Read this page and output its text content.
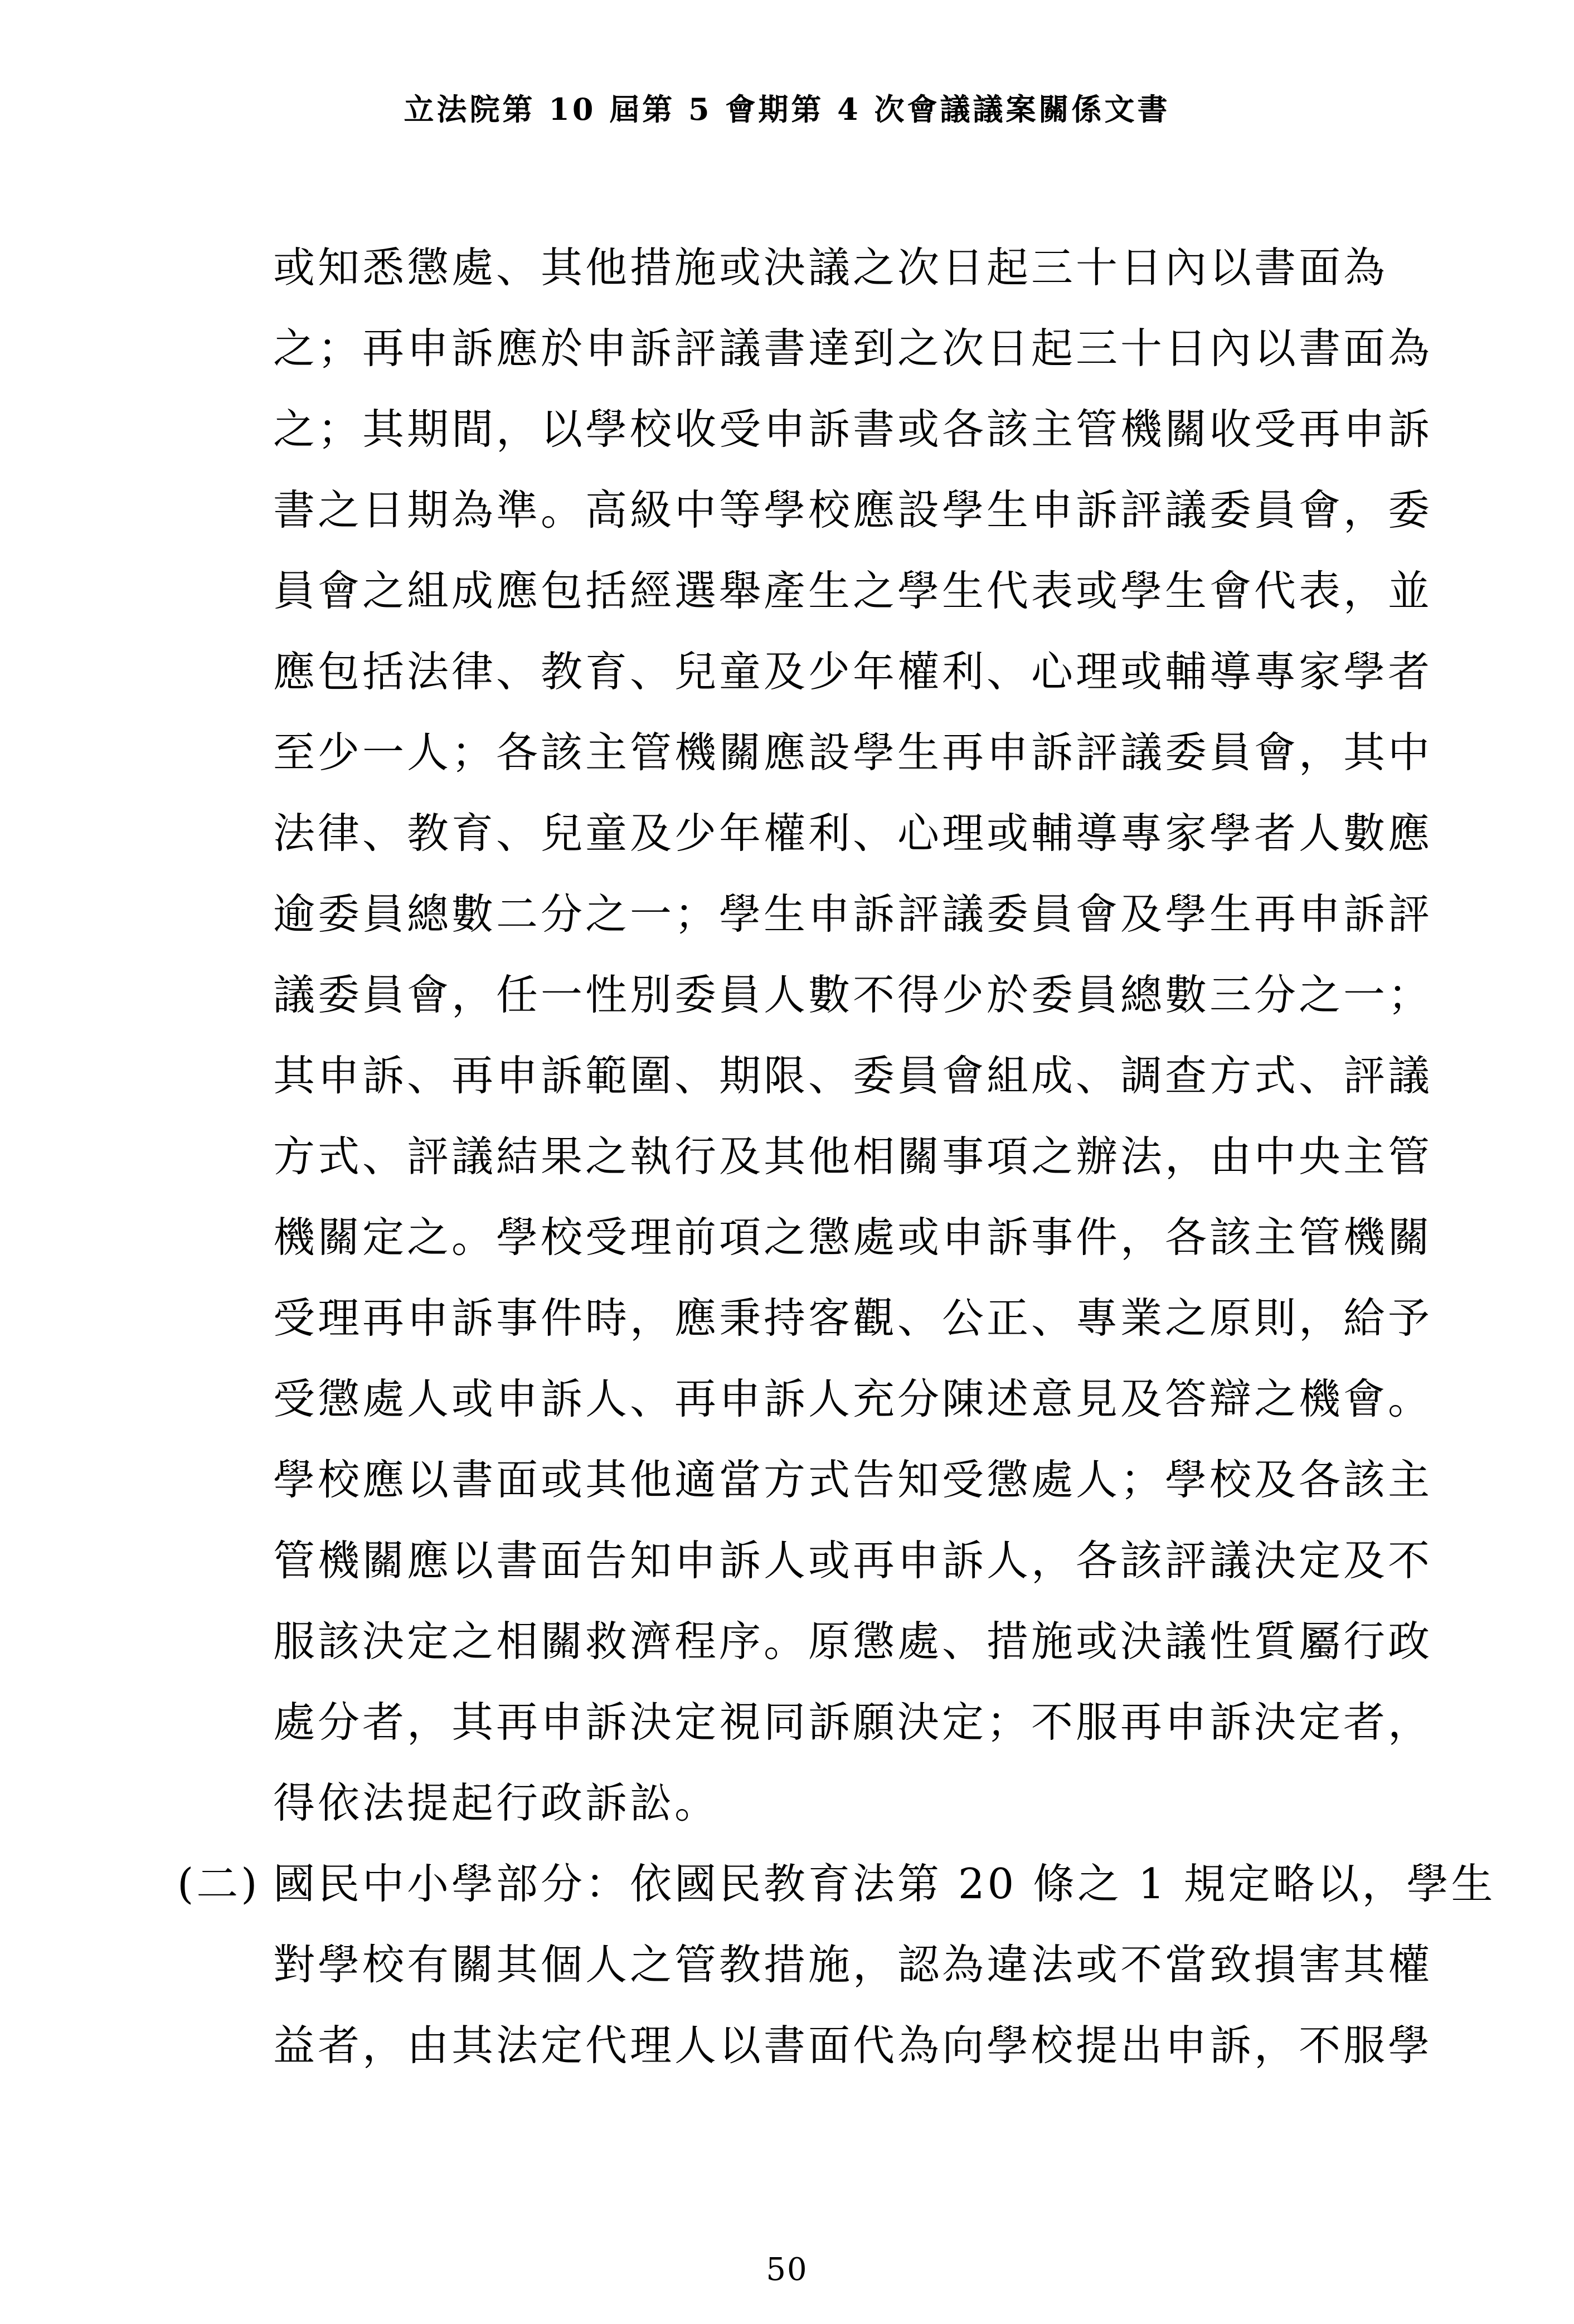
立法院第 10 屆第 5 會期第 4 次會議議案關係文書
或知悉懲處、其他措施或決議之次日起三十日內以書面為
之；再申訴應於申訴評議書達到之次日起三十日內以書面為
之；其期間，以學校收受申訴書或各該主管機關收受再申訴
書之日期為準。高級中等學校應設學生申訴評議委員會，委
員會之組成應包括經選舉產生之學生代表或學生會代表，並
應包括法律、教育、兒童及少年權利、心理或輔導專家學者
至少一人；各該主管機關應設學生再申訴評議委員會，其中
法律、教育、兒童及少年權利、心理或輔導專家學者人數應
逾委員總數二分之一；學生申訴評議委員會及學生再申訴評
議委員會，任一性別委員人數不得少於委員總數三分之一；
其申訴、再申訴範圍、期限、委員會組成、調查方式、評議
方式、評議結果之執行及其他相關事項之辦法，由中央主管
機關定之。學校受理前項之懲處或申訴事件，各該主管機關
受理再申訴事件時，應秉持客觀、公正、專業之原則，給予
受懲處人或申訴人、再申訴人充分陳述意見及答辯之機會。
學校應以書面或其他適當方式告知受懲處人；學校及各該主
管機關應以書面告知申訴人或再申訴人，各該評議決定及不
服該決定之相關救濟程序。原懲處、措施或決議性質屬行政
處分者，其再申訴決定視同訴願決定；不服再申訴決定者，
得依法提起行政訴訟。
(二) 國民中小學部分：依國民教育法第 20 條之 1 規定略以，學生
對學校有關其個人之管教措施，認為違法或不當致損害其權
益者，由其法定代理人以書面代為向學校提出申訴，不服學
50
